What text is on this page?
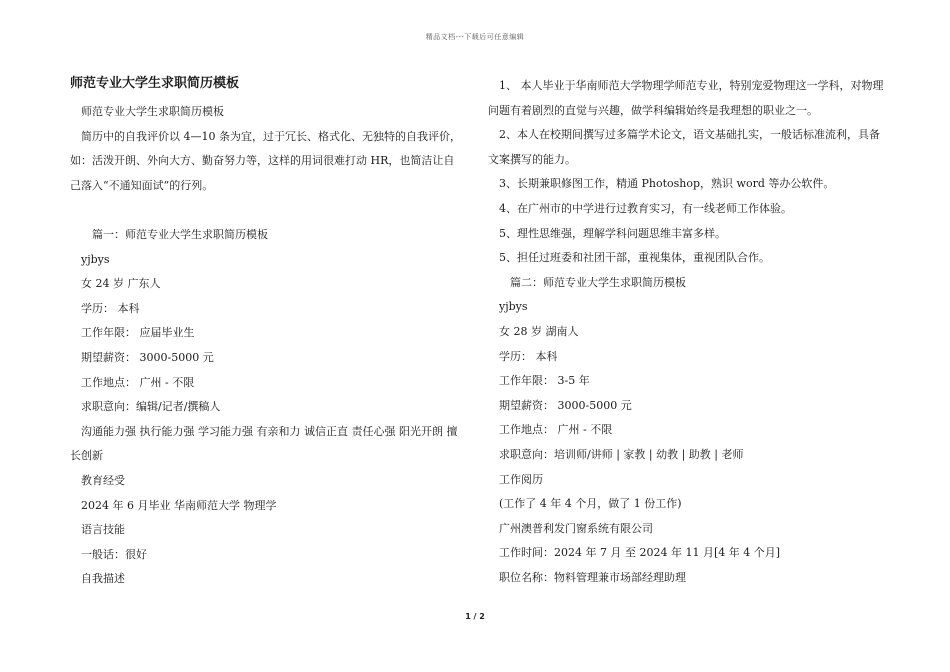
精品文档---下载后可任意编辑

师范专业大学生求职简历模板

师范专业大学生求职简历模板

简历中的自我评价以 4—10 条为宜，过于冗长、格式化、无独特的自我评价，如：活泼开朗、外向大方、勤奋努力等，这样的用词很难打动 HR，也简洁让自己落入“不通知面试”的行列。

篇一：师范专业大学生求职简历模板

yjbys

女 24 岁 广东人

学历： 本科

工作年限： 应届毕业生

期望薪资： 3000-5000 元

工作地点： 广州 - 不限

求职意向：编辑/记者/撰稿人

沟通能力强 执行能力强 学习能力强 有亲和力 诚信正直 责任心强 阳光开朗 擅长创新

教育经受

2024 年 6 月毕业 华南师范大学 物理学

语言技能

一般话：很好

自我描述

1、 本人毕业于华南师范大学物理学师范专业，特别宠爱物理这一学科，对物理问题有着剧烈的直觉与兴趣，做学科编辑始终是我理想的职业之一。

2、本人在校期间撰写过多篇学术论文，语文基础扎实，一般话标准流利，具备文案撰写的能力。

3、长期兼职修图工作，精通 Photoshop，熟识 word 等办公软件。

4、在广州市的中学进行过教育实习，有一线老师工作体验。

5、理性思维强，理解学科问题思维丰富多样。

5、担任过班委和社团干部，重视集体，重视团队合作。

篇二：师范专业大学生求职简历模板

yjbys

女 28 岁 湖南人

学历： 本科

工作年限： 3-5 年

期望薪资： 3000-5000 元

工作地点： 广州 - 不限

求职意向：培训师/讲师 | 家教 | 幼教 | 助教 | 老师

工作阅历

(工作了 4 年 4 个月，做了 1 份工作)

广州澳普利发门窗系统有限公司

工作时间：2024 年 7 月 至 2024 年 11 月[4 年 4 个月]

职位名称：物料管理兼市场部经理助理

1 / 2
